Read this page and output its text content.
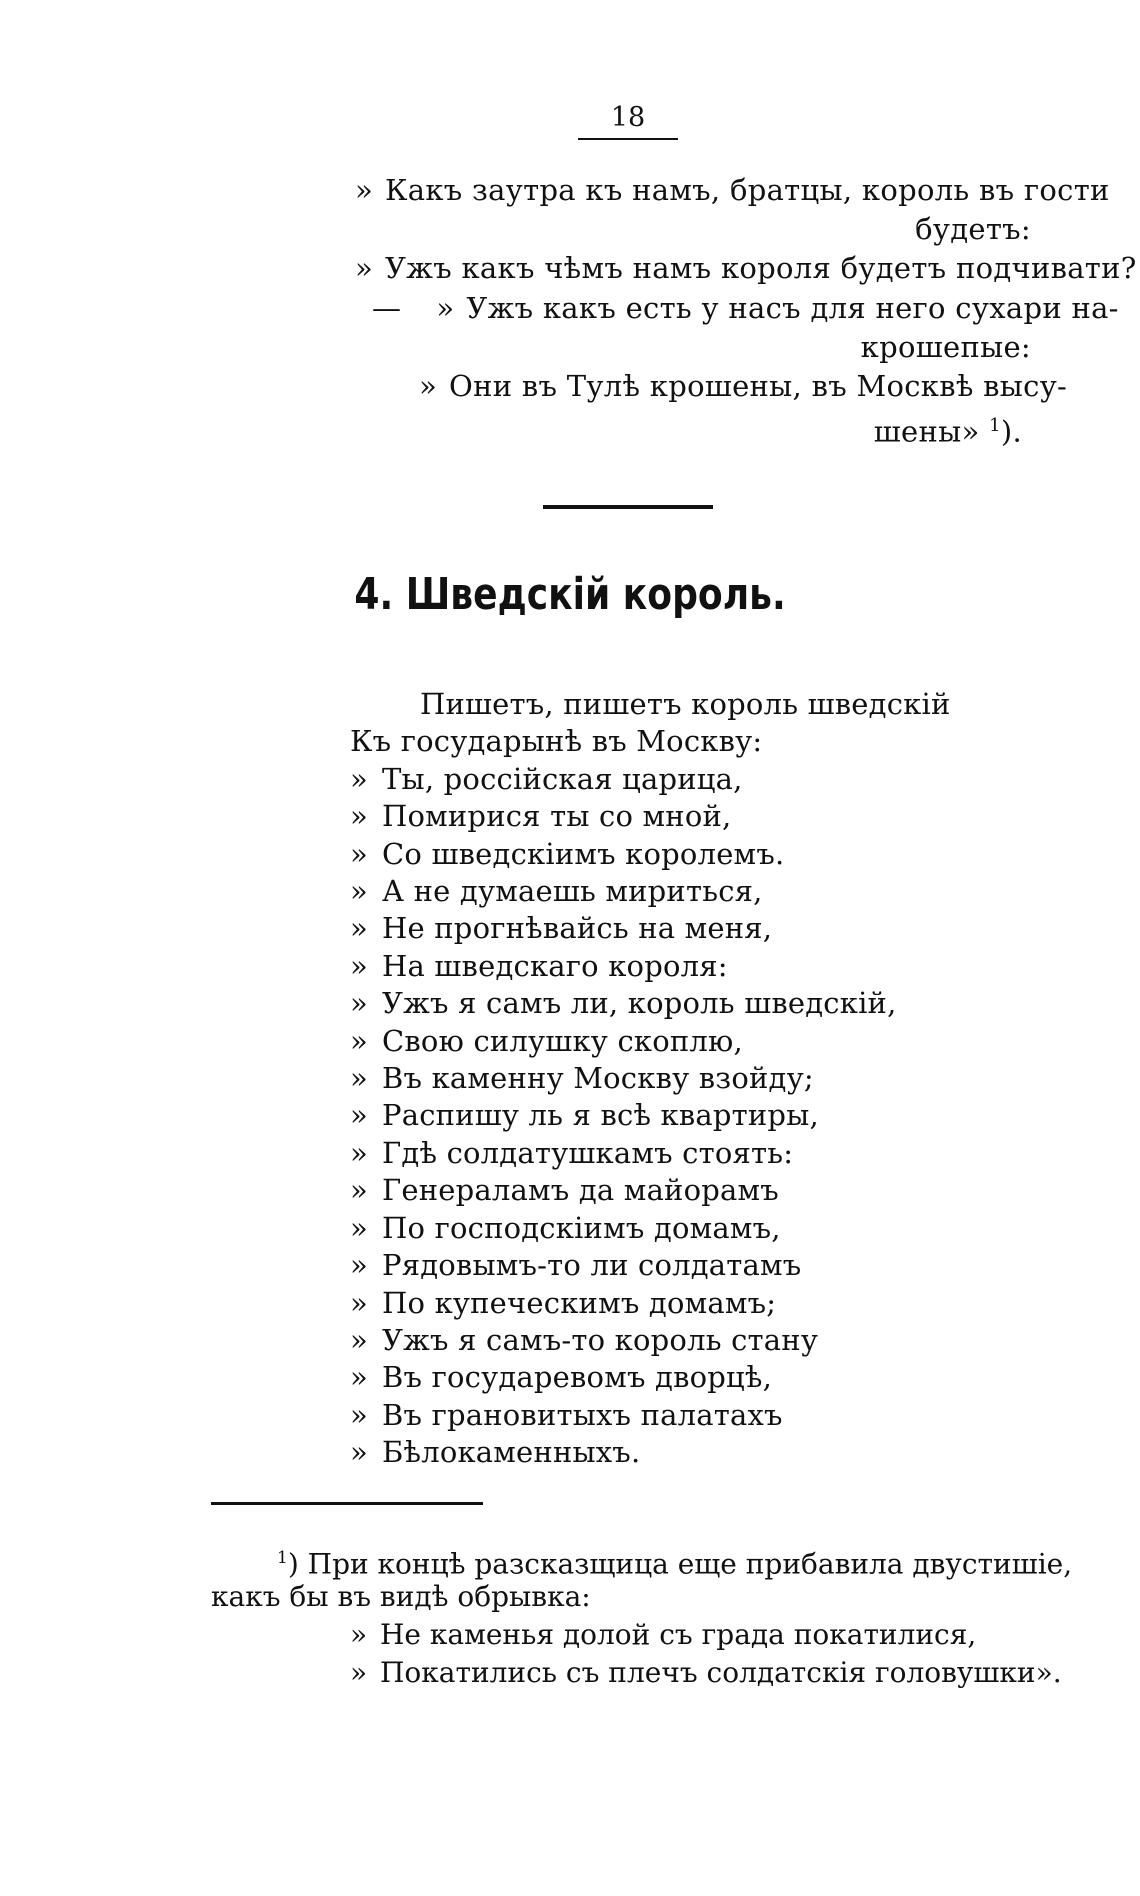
18
» Какъ заутра къ намъ, братцы, король въ гости
будетъ:
» Ужъ какъ чѣмъ намъ короля будетъ подчивати?
— » Ужъ какъ есть у насъ для него сухари на-
крошепые:
» Они въ Тулѣ крошены, въ Москвѣ высу-
шены» $^1$).
4. Шведскій король.
Пишетъ, пишетъ король шведскій
Къ государынѣ въ Москву:
» Ты, россійская царица,
» Помирися ты со мной,
» Со шведскіимъ королемъ.
» А не думаешь мириться,
» Не прогнѣвайсь на меня,
» На шведскаго короля:
» Ужъ я самъ ли, король шведскій,
» Свою силушку скоплю,
» Въ каменну Москву взойду;
» Распишу ль я всѣ квартиры,
» Гдѣ солдатушкамъ стоять:
» Генераламъ да майорамъ
» По господскіимъ домамъ,
» Рядовымъ-то ли солдатамъ
» По купеческимъ домамъ;
» Ужъ я самъ-то король стану
» Въ государевомъ дворцѣ,
» Въ грановитыхъ палатахъ
» Бѣлокаменныхъ.
$^1$) При концѣ разсказщица еще прибавила двустишіе,
какъ бы въ видѣ обрывка:
» Не каменья долой съ града покатилися,
» Покатились съ плечъ солдатскія головушки».
